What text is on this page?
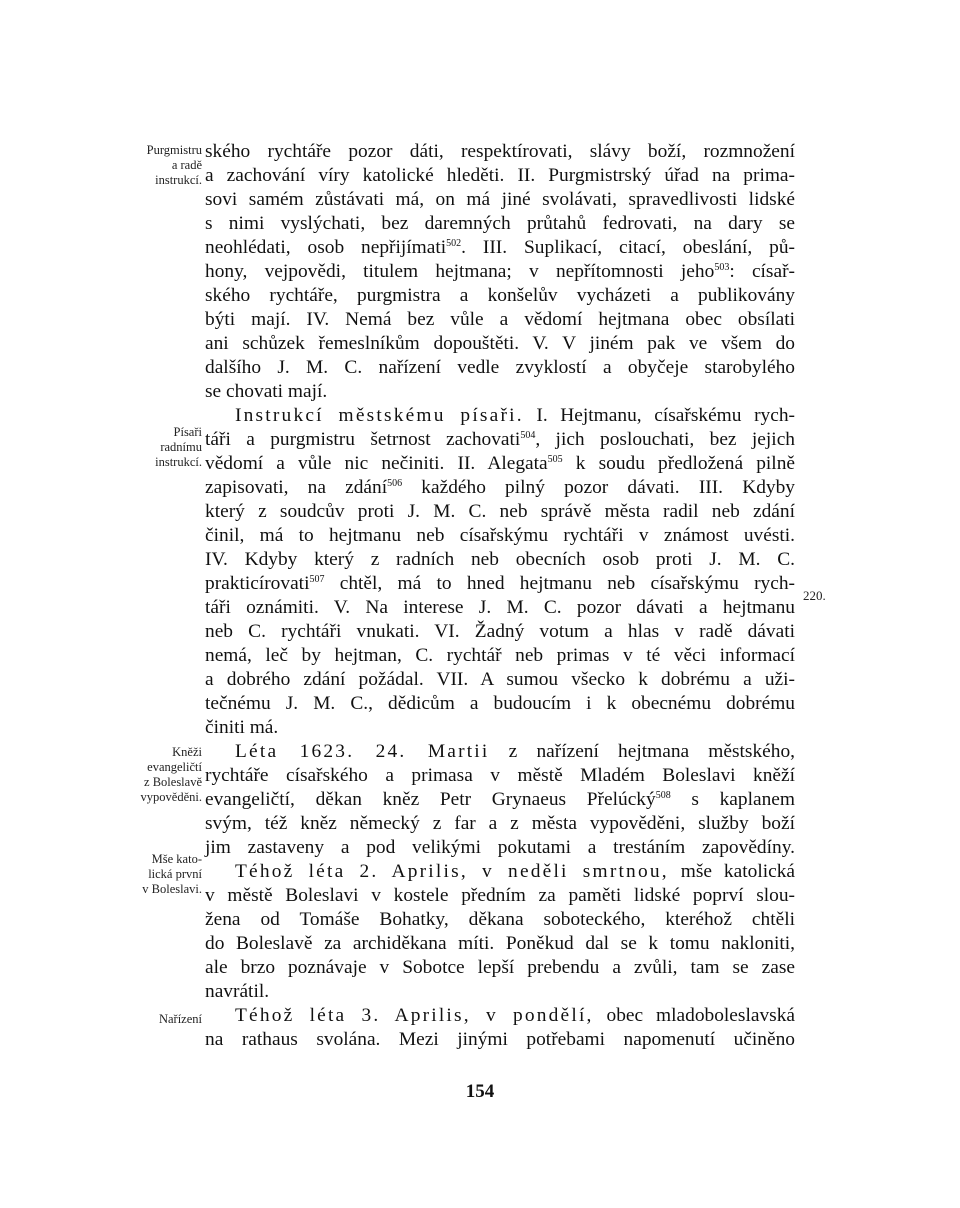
Purgmistru
a radě
instrukcí.
Písaři
radnímu
instrukcí.
Kněži
evangeličtí
z Boleslavě
vypověděni.
Mše kato-
lická první
v Boleslavi.
Nařízení
220.
ského rychtáře pozor dáti, respektírovati, slávy boží, rozmnožení
a zachování víry katolické hleděti. II. Purgmistrský úřad na prima-
sovi samém zůstávati má, on má jiné svolávati, spravedlivosti lidské
s nimi vyslýchati, bez daremných průtahů fedrovati, na dary se
neohlédati, osob nepřijímati$^{502}$. III. Suplikací, citací, obeslání, pů-
hony, vejpovědi, titulem hejtmana; v nepřítomnosti jeho$^{503}$: císař-
ského rychtáře, purgmistra a konšelův vycházeti a publikovány
býti mají. IV. Nemá bez vůle a vědomí hejtmana obec obsílati
ani schůzek řemeslníkům dopouštěti. V. V jiném pak ve všem do
dalšího J. M. C. nařízení vedle zvyklostí a obyčeje starobylého
se chovati mají.
Instrukcí městskému písaři. I. Hejtmanu, císařskému rych-
táři a purgmistru šetrnost zachovati$^{504}$, jich poslouchati, bez jejich
vědomí a vůle nic nečiniti. II. Alegata$^{505}$ k soudu předložená pilně
zapisovati, na zdání$^{506}$ každého pilný pozor dávati. III. Kdyby
který z soudcův proti J. M. C. neb správě města radil neb zdání
činil, má to hejtmanu neb císařskýmu rychtáři v známost uvésti.
IV. Kdyby který z radních neb obecních osob proti J. M. C.
prakticírovati$^{507}$ chtěl, má to hned hejtmanu neb císařskýmu rych-
táři oznámiti. V. Na interese J. M. C. pozor dávati a hejtmanu
neb C. rychtáři vnukati. VI. Žadný votum a hlas v radě dávati
nemá, leč by hejtman, C. rychtář neb primas v té věci informací
a dobrého zdání požádal. VII. A sumou všecko k dobrému a uži-
tečnému J. M. C., dědicům a budoucím i k obecnému dobrému
činiti má.
Léta 1623. 24. Martii z nařízení hejtmana městského,
rychtáře císařského a primasa v městě Mladém Boleslavi kněží
evangeličtí, děkan kněz Petr Grynaeus Přelúcký$^{508}$ s kaplanem
svým, též kněz německý z far a z města vypověděni, služby boží
jim zastaveny a pod velikými pokutami a trestáním zapovědíny.
Téhož léta 2. Aprilis, v neděli smrtnou, mše katolická
v městě Boleslavi v kostele předním za paměti lidské poprví slou-
žena od Tomáše Bohatky, děkana soboteckého, kteréhož chtěli
do Boleslavě za archiděkana míti. Poněkud dal se k tomu nakloniti,
ale brzo poznávaje v Sobotce lepší prebendu a zvůli, tam se zase
navrátil.
Téhož léta 3. Aprilis, v pondělí, obec mladoboleslavská
na rathaus svolána. Mezi jinými potřebami napomenutí učiněno
154
